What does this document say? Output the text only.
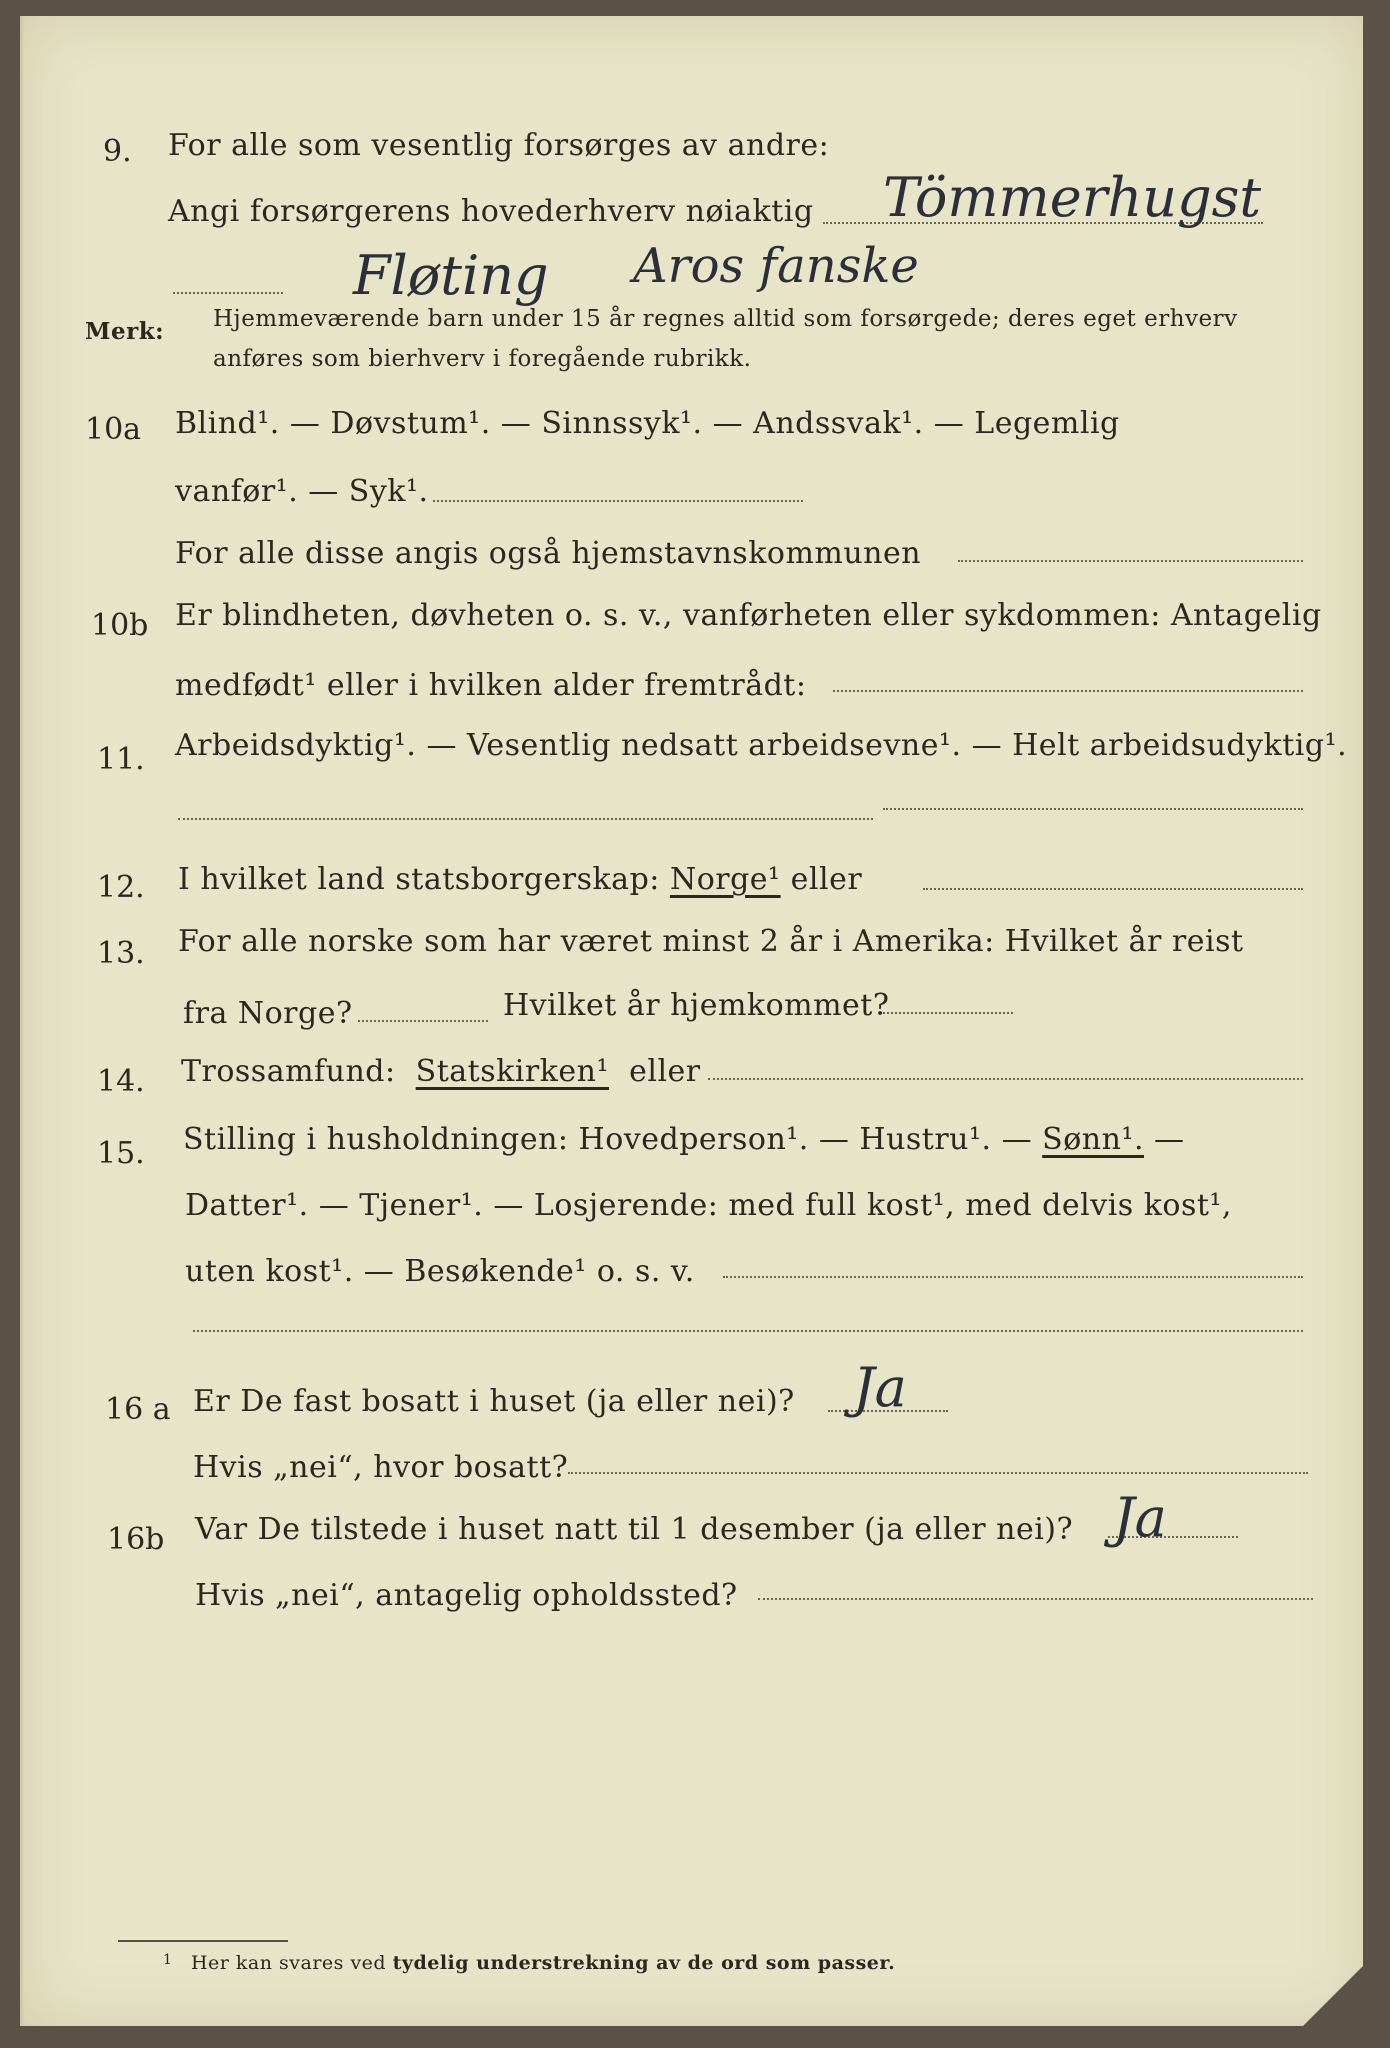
9. For alle som vesentlig forsørges av andre:
Angi forsørgerens hovederhverv nøiaktig Tömmerhugst
Fløting Aros fanske
Merk: Hjemmeværende barn under 15 år regnes alltid som forsørgede; deres eget erhverv
anføres som bierhverv i foregående rubrikk.
10a Blind¹. — Døvstum¹. — Sinnssyk¹. — Andssvak¹. — Legemlig
vanfør¹. — Syk¹.
For alle disse angis også hjemstavnskommunen
10b Er blindheten, døvheten o. s. v., vanførheten eller sykdommen: Antagelig
medfødt¹ eller i hvilken alder fremtrådt:
11. Arbeidsdyktig¹. — Vesentlig nedsatt arbeidsevne¹. — Helt arbeidsudyktig¹.
12. I hvilket land statsborgerskap: Norge¹ eller
13. For alle norske som har været minst 2 år i Amerika: Hvilket år reist
fra Norge?	Hvilket år hjemkommet?
14. Trossamfund: Statskirken¹ eller
15. Stilling i husholdningen: Hovedperson¹. — Hustru¹. — Sønn¹. —
Datter¹. — Tjener¹. — Losjerende: med full kost¹, med delvis kost¹,
uten kost¹. — Besøkende¹ o. s. v.
16 a Er De fast bosatt i huset (ja eller nei)? Ja
Hvis „nei“, hvor bosatt?
16b Var De tilstede i huset natt til 1 desember (ja eller nei)? Ja
Hvis „nei“, antagelig opholdssted?
$^1$ Her kan svares ved tydelig understrekning av de ord som passer.
